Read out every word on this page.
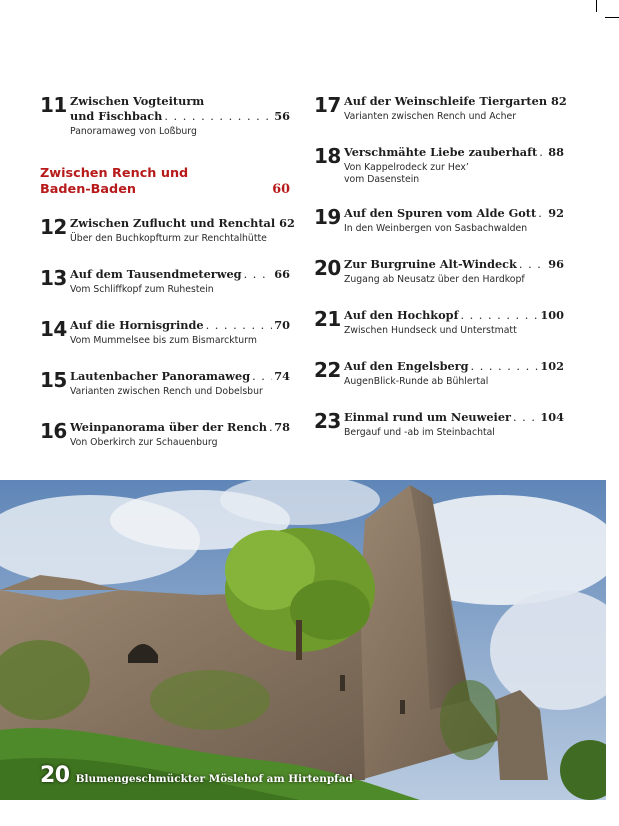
11 Zwischen Vogteiturm
und Fischbach . . .	56
Panoramaweg von Loßburg
Zwischen Rench und
Baden-Baden	60
12 Zwischen Zuflucht und Renchtal 62
Über den Buchkopfturm zur Renchtalhütte
13 Auf dem Tausendmeterweg . . .	66
Vom Schliffkopf zum Ruhestein
14 Auf die Hornisgrinde . . .	70
Vom Mummelsee bis zum Bismarckturm
15 Lautenbacher Panoramaweg . . . 74
Varianten zwischen Rench und Dobelsbur
16 Weinpanorama über der Rench . . . 78
Von Oberkirch zur Schauenburg
17 Auf der Weinschleife Tiergarten 82
Varianten zwischen Rench und Acher
18 Verschmähte Liebe zauberhaft . . . 88
Von Kappelrodeck zur Hex’
vom Dasenstein
19 Auf den Spuren vom Alde Gott . . . 92
In den Weinbergen von Sasbachwalden
20 Zur Burgruine Alt-Windeck . . .	96
Zugang ab Neusatz über den Hardkopf
21 Auf den Hochkopf . . .	100
Zwischen Hundseck und Unterstmatt
22 Auf den Engelsberg . . .	102
AugenBlick-Runde ab Bühlertal
23 Einmal rund um Neuweier . . .	104
Bergauf und -ab im Steinbachtal
20 Blumengeschmückter Möslehof am Hirtenpfad
